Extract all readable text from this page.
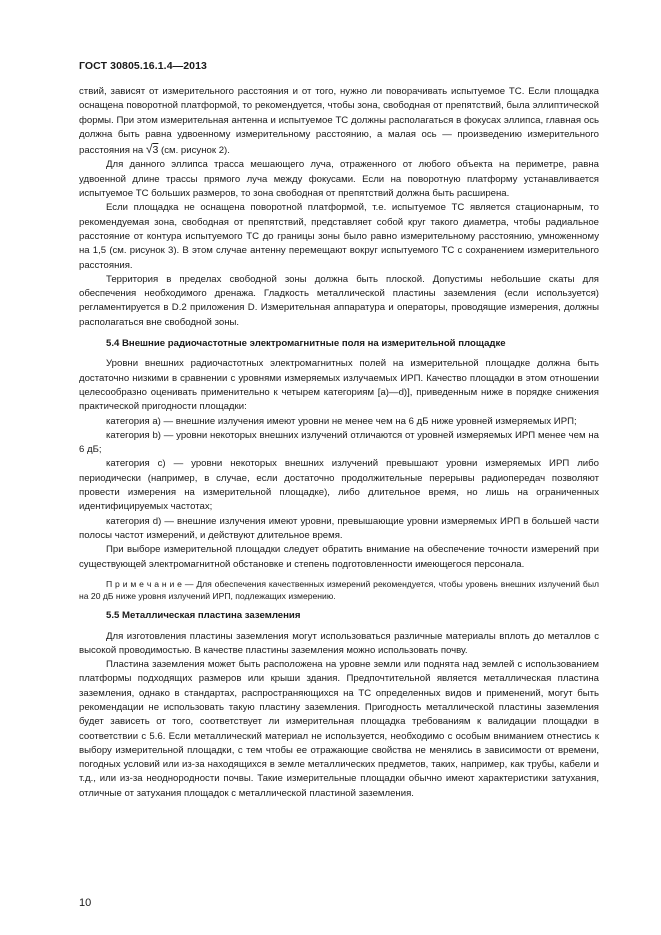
ГОСТ 30805.16.1.4—2013

ствий, зависят от измерительного расстояния и от того, нужно ли поворачивать испытуемое ТС. Если площадка оснащена поворотной платформой, то рекомендуется, чтобы зона, свободная от препятствий, была эллиптической формы. При этом измерительная антенна и испытуемое ТС должны располагаться в фокусах эллипса, главная ось должна быть равна удвоенному измерительному расстоянию, а малая ось — произведению измерительного расстояния на √3 (см. рисунок 2).

Для данного эллипса трасса мешающего луча, отраженного от любого объекта на периметре, равна удвоенной длине трассы прямого луча между фокусами. Если на поворотную платформу устанавливается испытуемое ТС больших размеров, то зона свободная от препятствий должна быть расширена.

Если площадка не оснащена поворотной платформой, т.е. испытуемое ТС является стационарным, то рекомендуемая зона, свободная от препятствий, представляет собой круг такого диаметра, чтобы радиальное расстояние от контура испытуемого ТС до границы зоны было равно измерительному расстоянию, умноженному на 1,5 (см. рисунок 3). В этом случае антенну перемещают вокруг испытуемого ТС с сохранением измерительного расстояния.

Территория в пределах свободной зоны должна быть плоской. Допустимы небольшие скаты для обеспечения необходимого дренажа. Гладкость металлической пластины заземления (если используется) регламентируется в D.2 приложения D. Измерительная аппаратура и операторы, проводящие измерения, должны располагаться вне свободной зоны.

5.4 Внешние радиочастотные электромагнитные поля на измерительной площадке

Уровни внешних радиочастотных электромагнитных полей на измерительной площадке должна быть достаточно низкими в сравнении с уровнями измеряемых излучаемых ИРП. Качество площадки в этом отношении целесообразно оценивать применительно к четырем категориям [a)—d)], приведенным ниже в порядке снижения практической пригодности площадки:

категория a) — внешние излучения имеют уровни не менее чем на 6 дБ ниже уровней измеряемых ИРП;

категория b) — уровни некоторых внешних излучений отличаются от уровней измеряемых ИРП менее чем на 6 дБ;

категория c) — уровни некоторых внешних излучений превышают уровни измеряемых ИРП либо периодически (например, в случае, если достаточно продолжительные перерывы радиопередач позволяют провести измерения на измерительной площадке), либо длительное время, но лишь на ограниченных идентифицируемых частотах;

категория d) — внешние излучения имеют уровни, превышающие уровни измеряемых ИРП в большей части полосы частот измерений, и действуют длительное время.

При выборе измерительной площадки следует обратить внимание на обеспечение точности измерений при существующей электромагнитной обстановке и степень подготовленности имеющегося персонала.

П р и м е ч а н и е — Для обеспечения качественных измерений рекомендуется, чтобы уровень внешних излучений был на 20 дБ ниже уровня излучений ИРП, подлежащих измерению.

5.5 Металлическая пластина заземления

Для изготовления пластины заземления могут использоваться различные материалы вплоть до металлов с высокой проводимостью. В качестве пластины заземления можно использовать почву.

Пластина заземления может быть расположена на уровне земли или поднята над землей с использованием платформы подходящих размеров или крыши здания. Предпочтительной является металлическая пластина заземления, однако в стандартах, распространяющихся на ТС определенных видов и применений, могут быть рекомендации не использовать такую пластину заземления. Пригодность металлической пластины заземления будет зависеть от того, соответствует ли измерительная площадка требованиям к валидации площадки в соответствии с 5.6. Если металлический материал не используется, необходимо с особым вниманием отнестись к выбору измерительной площадки, с тем чтобы ее отражающие свойства не менялись в зависимости от времени, погодных условий или из-за находящихся в земле металлических предметов, таких, например, как трубы, кабели и т.д., или из-за неоднородности почвы. Такие измерительные площадки обычно имеют характеристики затухания, отличные от затухания площадок с металлической пластиной заземления.

10
